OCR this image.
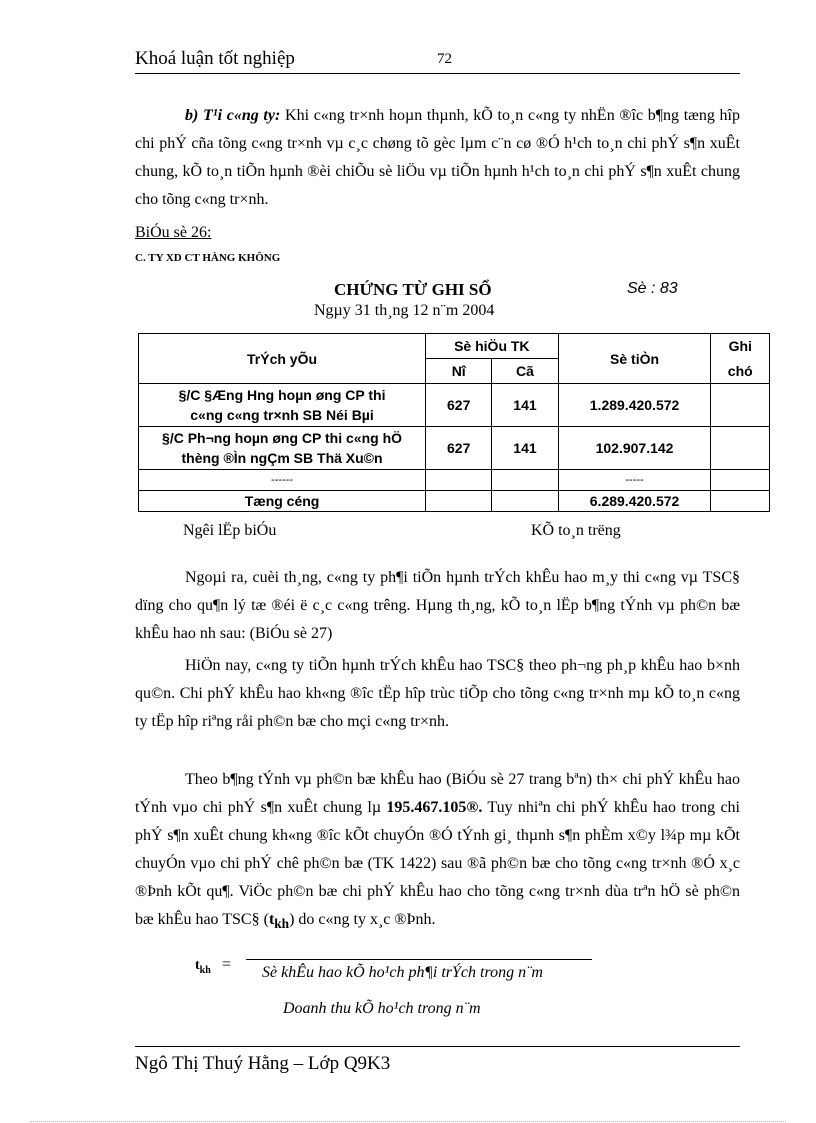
Khoá luận tốt nghiệp	72
b) T¹i c«ng ty: Khi c«ng tr×nh hoµn thµnh, kÕ to¸n c«ng ty nhËn ®îc b¶ng tæng hîp chi phÝ cña tõng c«ng tr×nh vµ c¸c chøng tõ gèc lµm c¨n cø ®Ó h¹ch to¸n chi phÝ s¶n xuÊt chung, kÕ to¸n tiÕn hµnh ®èi chiÕu sè liÖu vµ tiÕn hµnh h¹ch to¸n chi phÝ s¶n xuÊt chung cho tõng c«ng tr×nh.
BiÓu sè 26:
C. TY XD CT HÀNG KHÔNG
CHỨNG TỪ GHI SỔ	Sè : 83
Ngµy 31 th¸ng 12 n¨m 2004
TrÝch yÕu	Sè hiÖu TK		Sè tiÒn	Ghi
	Nî	Cã		chó
§/C §Æng Hng hoµn øng CP thi
c«ng c«ng tr×nh SB Néi Bµi	627	141	1.289.420.572	
§/C Ph¬ng hoµn øng CP thi c«ng hÖ
thèng ®Ìn ngÇm SB Thä Xu©n	627	141	102.907.142	
------			-----	
Tæng céng			6.289.420.572	
Ngêi lËp biÓu	KÕ to¸n trëng
Ngoµi ra, cuèi th¸ng, c«ng ty ph¶i tiÕn hµnh trÝch khÊu hao m¸y thi c«ng vµ TSC§ dïng cho qu¶n lý tæ ®éi ë c¸c c«ng trêng. Hµng th¸ng, kÕ to¸n lËp b¶ng tÝnh vµ ph©n bæ khÊu hao nh sau: (BiÓu sè 27)
HiÖn nay, c«ng ty tiÕn hµnh trÝch khÊu hao TSC§ theo ph¬ng ph¸p khÊu hao b×nh qu©n. Chi phÝ khÊu hao kh«ng ®îc tËp hîp trùc tiÕp cho tõng c«ng tr×nh mµ kÕ to¸n c«ng ty tËp hîp riªng råi ph©n bæ cho mçi c«ng tr×nh.
Theo b¶ng tÝnh vµ ph©n bæ khÊu hao (BiÓu sè 27 trang bªn) th× chi phÝ khÊu hao tÝnh vµo chi phÝ s¶n xuÊt chung lµ 195.467.105®. Tuy nhiªn chi phÝ khÊu hao trong chi phÝ s¶n xuÊt chung kh«ng ®îc kÕt chuyÓn ®Ó tÝnh gi¸ thµnh s¶n phÈm x©y l¾p mµ kÕt chuyÓn vµo chi phÝ chê ph©n bæ (TK 1422) sau ®ã ph©n bæ cho tõng c«ng tr×nh ®Ó x¸c ®Þnh kÕt qu¶. ViÖc ph©n bæ chi phÝ khÊu hao cho tõng c«ng tr×nh dùa trªn hÖ sè ph©n bæ khÊu hao TSC§ $(t_{kh})$ do c«ng ty x¸c ®Þnh.
$t_{kh}$ = Sè khÊu hao kÕ ho¹ch ph¶i trÝch trong n¨m
Doanh thu kÕ ho¹ch trong n¨m
Ngô Thị Thuý Hằng – Lớp Q9K3
